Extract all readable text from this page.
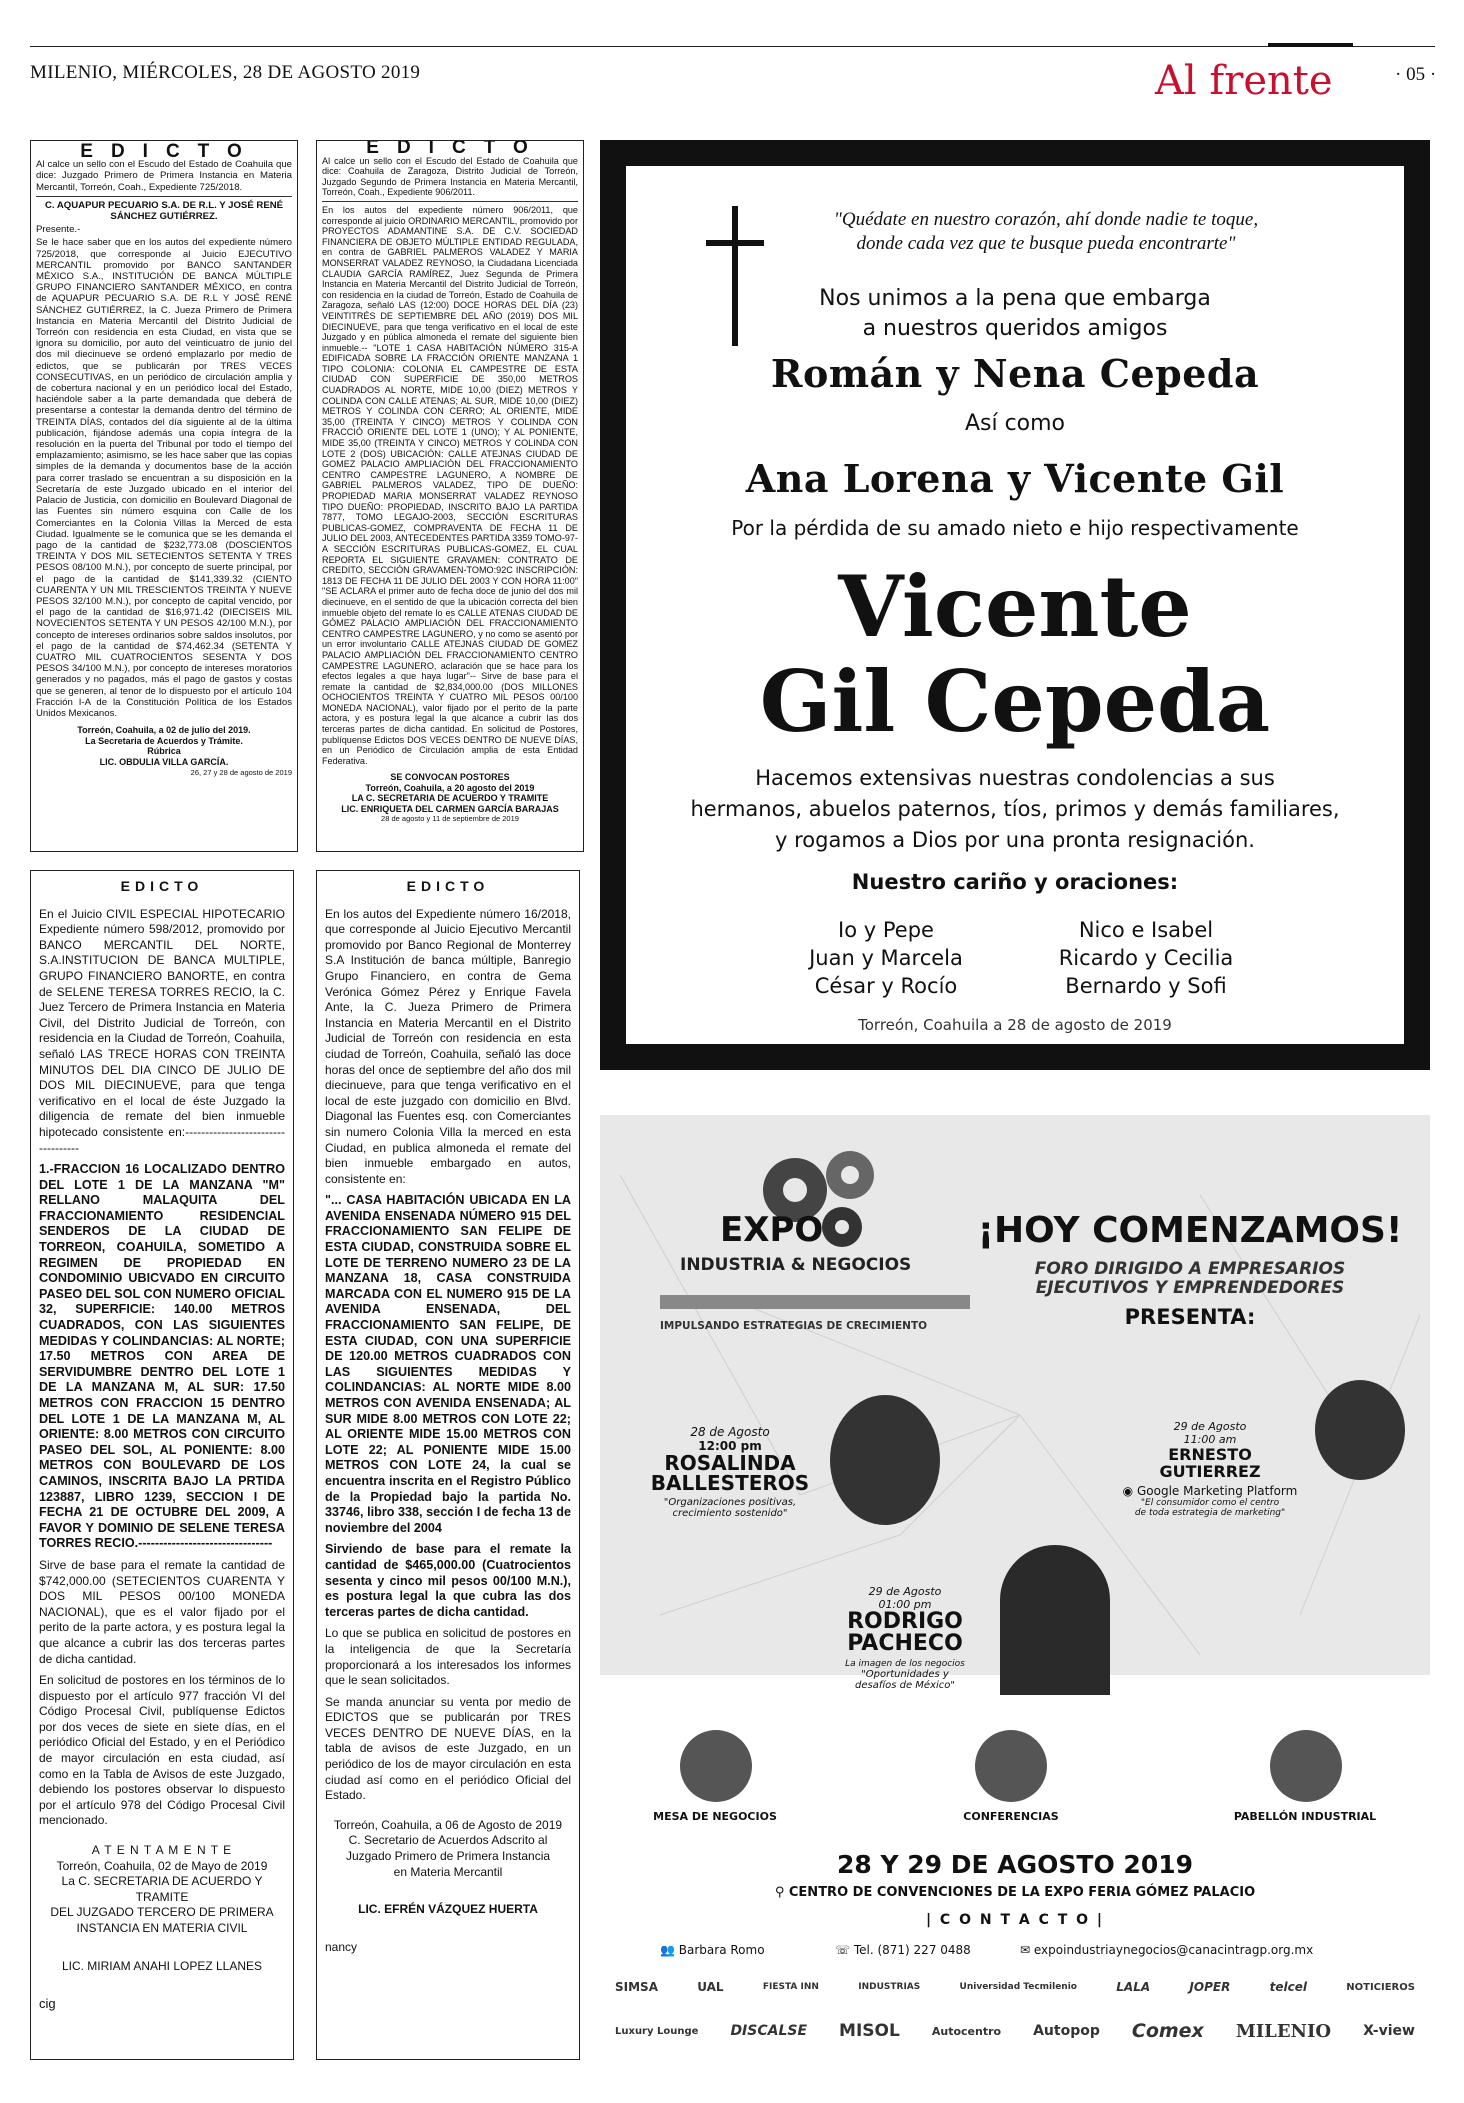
MILENIO, MIÉRCOLES, 28 DE AGOSTO 2019	Al frente	· 05 ·
EDICTO

Al calce un sello con el Escudo del Estado de Coahuila que dice: Juzgado Primero de Primera Instancia en Materia Mercantil, Torreón, Coah., Expediente 725/2018.

C. AQUAPUR PECUARIO S.A. DE R.L. Y JOSÉ RENÉ SÁNCHEZ GUTIÉRREZ.

Presente.-

Se le hace saber que en los autos del expediente número 725/2018, que corresponde al Juicio EJECUTIVO MERCANTIL promovido por BANCO SANTANDER MÉXICO S.A., INSTITUCIÓN DE BANCA MÚLTIPLE GRUPO FINANCIERO SANTANDER MÉXICO, en contra de AQUAPUR PECUARIO S.A. DE R.L Y JOSÉ RENÉ SÁNCHEZ GUTIÉRREZ, la C. Jueza Primero de Primera Instancia en Materia Mercantil del Distrito Judicial de Torreón con residencia en esta Ciudad, en vista que se ignora su domicilio, por auto del veinticuatro de junio del dos mil diecinueve se ordenó emplazarlo por medio de edictos, que se publicarán por TRES VECES CONSECUTIVAS, en un periódico de circulación amplia y de cobertura nacional y en un periódico local del Estado, haciéndole saber a la parte demandada que deberá de presentarse a contestar la demanda dentro del término de TREINTA DÍAS, contados del día siguiente al de la última publicación, fijándose además una copia íntegra de la resolución en la puerta del Tribunal por todo el tiempo del emplazamiento; asimismo, se les hace saber que las copias simples de la demanda y documentos base de la acción para correr traslado se encuentran a su disposición en la Secretaría de este Juzgado ubicado en el interior del Palacio de Justicia, con domicilio en Boulevard Diagonal de las Fuentes sin número esquina con Calle de los Comerciantes en la Colonia Villas la Merced de esta Ciudad. Igualmente se le comunica que se les demanda el pago de la cantidad de $232,773.08 (DOSCIENTOS TREINTA Y DOS MIL SETECIENTOS SETENTA Y TRES PESOS 08/100 M.N.), por concepto de suerte principal, por el pago de la cantidad de $141,339.32 (CIENTO CUARENTA Y UN MIL TRESCIENTOS TREINTA Y NUEVE PESOS 32/100 M.N.), por concepto de capital vencido, por el pago de la cantidad de $16,971.42 (DIECISEIS MIL NOVECIENTOS SETENTA Y UN PESOS 42/100 M.N.), por concepto de intereses ordinarios sobre saldos insolutos, por el pago de la cantidad de $74,462.34 (SETENTA Y CUATRO MIL CUATROCIENTOS SESENTA Y DOS PESOS 34/100 M.N.), por concepto de intereses moratorios generados y no pagados, más el pago de gastos y costas que se generen, al tenor de lo dispuesto por el artículo 104 Fracción I-A de la Constitución Política de los Estados Unidos Mexicanos.

Torreón, Coahuila, a 02 de julio del 2019.
La Secretaria de Acuerdos y Trámite.
Rúbrica
LIC. OBDULIA VILLA GARCÍA.
26, 27 y 28 de agosto de 2019
EDICTO

Al calce un sello con el Escudo del Estado de Coahuila que dice: Coahuila de Zaragoza, Distrito Judicial de Torreón, Juzgado Segundo de Primera Instancia en Materia Mercantil, Torreón, Coah., Expediente 906/2011.

En los autos del expediente número 906/2011, que corresponde al juicio ORDINARIO MERCANTIL, promovido por PROYECTOS ADAMANTINE S.A. DE C.V. SOCIEDAD FINANCIERA DE OBJETO MÚLTIPLE ENTIDAD REGULADA, en contra de GABRIEL PALMEROS VALADEZ Y MARIA MONSERRAT VALADEZ REYNOSO, la Ciudadana Licenciada CLAUDIA GARCÍA RAMÍREZ, Juez Segunda de Primera Instancia en Materia Mercantil del Distrito Judicial de Torreón, con residencia en la ciudad de Torreón, Estado de Coahuila de Zaragoza, señaló LAS (12:00) DOCE HORAS DEL DÍA (23) VEINTITRÉS DE SEPTIEMBRE DEL AÑO (2019) DOS MIL DIECINUEVE, para que tenga verificativo en el local de este Juzgado y en pública almoneda el remate del siguiente bien inmueble.-- "LOTE 1 CASA HABITACIÓN NÚMERO 315-A EDIFICADA SOBRE LA FRACCIÓN ORIENTE MANZANA 1 TIPO COLONIA: COLONIA EL CAMPESTRE DE ESTA CIUDAD CON SUPERFICIE DE 350,00 METROS CUADRADOS AL NORTE, MIDE 10,00 (DIEZ) METROS Y COLINDA CON CALLE ATENAS; AL SUR, MIDE 10,00 (DIEZ) METROS Y COLINDA CON CERRO; AL ORIENTE, MIDE 35,00 (TREINTA Y CINCO) METROS Y COLINDA CON FRACCIÓ ORIENTE DEL LOTE 1 (UNO); Y AL PONIENTE, MIDE 35,00 (TREINTA Y CINCO) METROS Y COLINDA CON LOTE 2 (DOS) UBICACIÓN: CALLE ATEJNAS CIUDAD DE GOMEZ PALACIO AMPLIACIÓN DEL FRACCIONAMIENTO CENTRO CAMPESTRE LAGUNERO, A NOMBRE DE GABRIEL PALMEROS VALADEZ, TIPO DE DUEÑO: PROPIEDAD MARIA MONSERRAT VALADEZ REYNOSO TIPO DUEÑO: PROPIEDAD, INSCRITO BAJO LA PARTIDA 7877, TOMO LEGAJO-2003, SECCIÓN ESCRITURAS PUBLICAS-GOMEZ, COMPRAVENTA DE FECHA 11 DE JULIO DEL 2003, ANTECEDENTES PARTIDA 3359 TOMO-97-A SECCIÓN ESCRITURAS PUBLICAS-GOMEZ, EL CUAL REPORTA EL SIGUIENTE GRAVAMEN: CONTRATO DE CREDITO, SECCIÓN GRAVAMEN-TOMO:92C INSCRIPCIÓN: 1813 DE FECHA 11 DE JULIO DEL 2003 Y CON HORA 11:00" "SE ACLARA el primer auto de fecha doce de junio del dos mil diecinueve, en el sentido de que la ubicación correcta del bien inmueble objeto del remate lo es CALLE ATENAS CIUDAD DE GÓMEZ PALACIO AMPLIACIÓN DEL FRACCIONAMIENTO CENTRO CAMPESTRE LAGUNERO, y no como se asentó por un error involuntario CALLE ATEJNAS CIUDAD DE GOMEZ PALACIO AMPLIACIÓN DEL FRACCIONAMIENTO CENTRO CAMPESTRE LAGUNERO, aclaración que se hace para los efectos legales a que haya lugar"-- Sirve de base para el remate la cantidad de $2,834,000.00 (DOS MILLONES OCHOCIENTOS TREINTA Y CUATRO MIL PESOS 00/100 MONEDA NACIONAL), valor fijado por el perito de la parte actora, y es postura legal la que alcance a cubrir las dos terceras partes de dicha cantidad. En solicitud de Postores, publíquense Edictos DOS VECES DENTRO DE NUEVE DÍAS, en un Periódico de Circulación amplia de esta Entidad Federativa.

SE CONVOCAN POSTORES
Torreón, Coahuila, a 20 agosto del 2019
LA C. SECRETARIA DE ACUERDO Y TRAMITE
LIC. ENRIQUETA DEL CARMEN GARCÍA BARAJAS
28 de agosto y 11 de septiembre de 2019
EDICTO

En el Juicio CIVIL ESPECIAL HIPOTECARIO Expediente número 598/2012, promovido por BANCO MERCANTIL DEL NORTE, S.A.INSTITUCION DE BANCA MULTIPLE, GRUPO FINANCIERO BANORTE, en contra de SELENE TERESA TORRES RECIO, la C. Juez Tercero de Primera Instancia en Materia Civil, del Distrito Judicial de Torreón, con residencia en la Ciudad de Torreón, Coahuila, señaló LAS TRECE HORAS CON TREINTA MINUTOS DEL DIA CINCO DE JULIO DE DOS MIL DIECINUEVE, para que tenga verificativo en el local de éste Juzgado la diligencia de remate del bien inmueble hipotecado consistente en:-----------------------------------

1.-FRACCION 16 LOCALIZADO DENTRO DEL LOTE 1 DE LA MANZANA "M" RELLANO MALAQUITA DEL FRACCIONAMIENTO RESIDENCIAL SENDEROS DE LA CIUDAD DE TORREON, COAHUILA, SOMETIDO A REGIMEN DE PROPIEDAD EN CONDOMINIO UBICVADO EN CIRCUITO PASEO DEL SOL CON NUMERO OFICIAL 32, SUPERFICIE: 140.00 METROS CUADRADOS, CON LAS SIGUIENTES MEDIDAS Y COLINDANCIAS: AL NORTE; 17.50 METROS CON AREA DE SERVIDUMBRE DENTRO DEL LOTE 1 DE LA MANZANA M, AL SUR: 17.50 METROS CON FRACCION 15 DENTRO DEL LOTE 1 DE LA MANZANA M, AL ORIENTE: 8.00 METROS CON CIRCUITO PASEO DEL SOL, AL PONIENTE: 8.00 METROS CON BOULEVARD DE LOS CAMINOS, INSCRITA BAJO LA PRTIDA 123887, LIBRO 1239, SECCION I DE FECHA 21 DE OCTUBRE DEL 2009, A FAVOR Y DOMINIO DE SELENE TERESA TORRES RECIO.--------------------------------

Sirve de base para el remate la cantidad de $742,000.00 (SETECIENTOS CUARENTA Y DOS MIL PESOS 00/100 MONEDA NACIONAL), que es el valor fijado por el perito de la parte actora, y es postura legal la que alcance a cubrir las dos terceras partes de dicha cantidad.

En solicitud de postores en los términos de lo dispuesto por el artículo 977 fracción VI del Código Procesal Civil, publíquense Edictos por dos veces de siete en siete días, en el periódico Oficial del Estado, y en el Periódico de mayor circulación en esta ciudad, así como en la Tabla de Avisos de este Juzgado, debiendo los postores observar lo dispuesto por el artículo 978 del Código Procesal Civil mencionado.

A T E N T A M E N T E
Torreón, Coahuila, 02 de Mayo de 2019
La C. SECRETARIA DE ACUERDO Y TRAMITE
DEL JUZGADO TERCERO DE PRIMERA
INSTANCIA EN MATERIA CIVIL
LIC. MIRIAM ANAHI LOPEZ LLANES
cig
EDICTO

En los autos del Expediente número 16/2018, que corresponde al Juicio Ejecutivo Mercantil promovido por Banco Regional de Monterrey S.A Institución de banca múltiple, Banregio Grupo Financiero, en contra de Gema Verónica Gómez Pérez y Enrique Favela Ante, la C. Jueza Primero de Primera Instancia en Materia Mercantil en el Distrito Judicial de Torreón con residencia en esta ciudad de Torreón, Coahuila, señaló las doce horas del once de septiembre del año dos mil diecinueve, para que tenga verificativo en el local de este juzgado con domicilio en Blvd. Diagonal las Fuentes esq. con Comerciantes sin numero Colonia Villa la merced en esta Ciudad, en publica almoneda el remate del bien inmueble embargado en autos, consistente en:

"... CASA HABITACIÓN UBICADA EN LA AVENIDA ENSENADA NÚMERO 915 DEL FRACCIONAMIENTO SAN FELIPE DE ESTA CIUDAD, CONSTRUIDA SOBRE EL LOTE DE TERRENO NUMERO 23 DE LA MANZANA 18, CASA CONSTRUIDA MARCADA CON EL NUMERO 915 DE LA AVENIDA ENSENADA, DEL FRACCIONAMIENTO SAN FELIPE, DE ESTA CIUDAD, CON UNA SUPERFICIE DE 120.00 METROS CUADRADOS CON LAS SIGUIENTES MEDIDAS Y COLINDANCIAS: AL NORTE MIDE 8.00 METROS CON AVENIDA ENSENADA; AL SUR MIDE 8.00 METROS CON LOTE 22; AL ORIENTE MIDE 15.00 METROS CON LOTE 22; AL PONIENTE MIDE 15.00 METROS CON LOTE 24, la cual se encuentra inscrita en el Registro Público de la Propiedad bajo la partida No. 33746, libro 338, sección I de fecha 13 de noviembre del 2004

Sirviendo de base para el remate la cantidad de $465,000.00 (Cuatrocientos sesenta y cinco mil pesos 00/100 M.N.), es postura legal la que cubra las dos terceras partes de dicha cantidad.

Lo que se publica en solicitud de postores en la inteligencia de que la Secretaría proporcionará a los interesados los informes que le sean solicitados.

Se manda anunciar su venta por medio de EDICTOS que se publicarán por TRES VECES DENTRO DE NUEVE DÍAS, en la tabla de avisos de este Juzgado, en un periódico de los de mayor circulación en esta ciudad así como en el periódico Oficial del Estado.

Torreón, Coahuila, a 06 de Agosto de 2019
C. Secretario de Acuerdos Adscrito al
Juzgado Primero de Primera Instancia
en Materia Mercantil
LIC. EFRÉN VÁZQUEZ HUERTA
nancy
"Quédate en nuestro corazón, ahí donde nadie te toque,
donde cada vez que te busque pueda encontrarte"
Nos unimos a la pena que embarga
a nuestros queridos amigos
Román y Nena Cepeda
Así como
Ana Lorena y Vicente Gil
Por la pérdida de su amado nieto e hijo respectivamente
Vicente
Gil Cepeda
Hacemos extensivas nuestras condolencias a sus
hermanos, abuelos paternos, tíos, primos y demás familiares,
y rogamos a Dios por una pronta resignación.
Nuestro cariño y oraciones:
Io y Pepe
Juan y Marcela
César y Rocío
Nico e Isabel
Ricardo y Cecilia
Bernardo y Sofi
Torreón, Coahuila a 28 de agosto de 2019
EXPO
INDUSTRIA & NEGOCIOS
IMPULSANDO ESTRATEGIAS DE CRECIMIENTO
¡HOY COMENZAMOS!
FORO DIRIGIDO A EMPRESARIOS
EJECUTIVOS Y EMPRENDEDORES
PRESENTA:
28 de Agosto
12:00 pm
ROSALINDA
BALLESTEROS
"Organizaciones positivas,
crecimiento sostenido"
29 de Agosto
11:00 am
ERNESTO
GUTIERREZ
◉ Google Marketing Platform
"El consumidor como el centro
de toda estrategia de marketing"
29 de Agosto
01:00 pm
RODRIGO
PACHECO
La imagen de los negocios
"Oportunidades y
desafíos de México"
MESA DE NEGOCIOS	CONFERENCIAS	PABELLÓN INDUSTRIAL
28 Y 29 DE AGOSTO 2019
⚲ CENTRO DE CONVENCIONES DE LA EXPO FERIA GÓMEZ PALACIO
| C O N T A C T O |
👥 Barbara Romo	☏ Tel. (871) 227 0488	✉ expoindustriaynegocios@canacintragp.org.mx
SIMSA	UAL	FIESTA INN	INDUSTRIAS	Universidad Tecmilenio	LALA	JOPER	telcel	NOTICIEROS
Luxury Lounge DISCALSE MISOL	Autocentro Autopop Comex MILENIO X-view
